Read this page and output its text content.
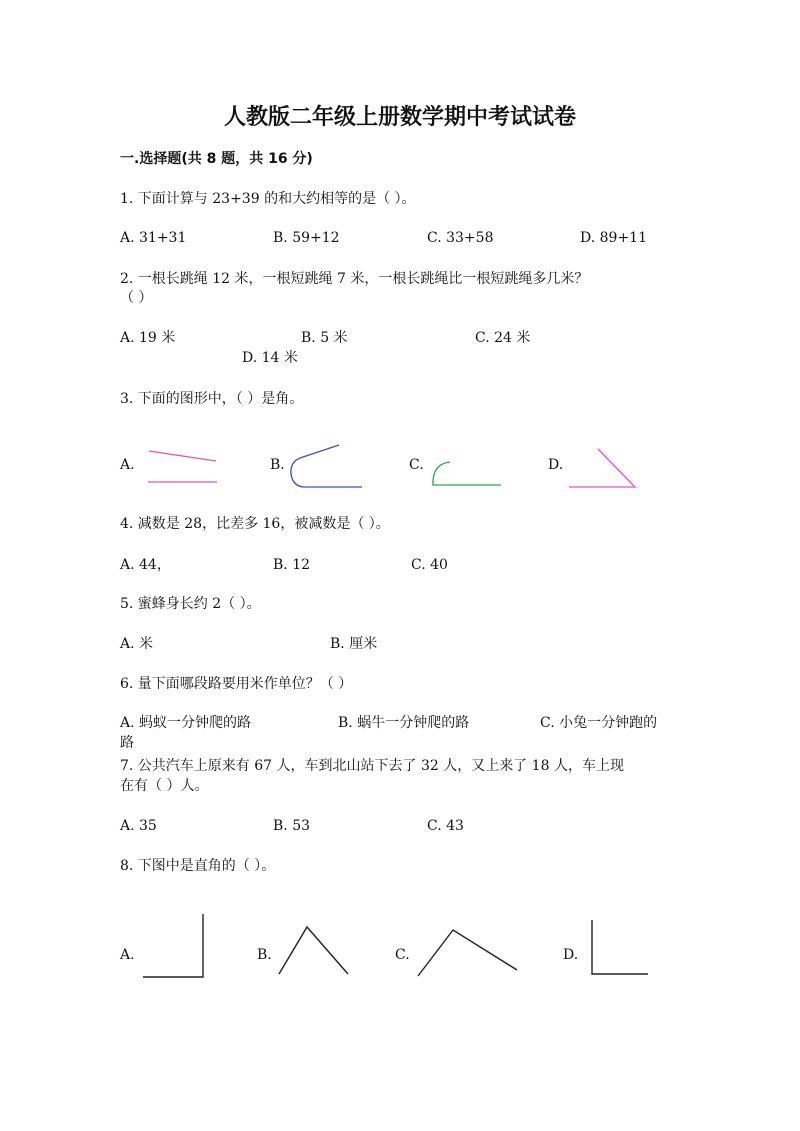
人教版二年级上册数学期中考试试卷
一.选择题(共 8 题，共 16 分)
1. 下面计算与 23+39 的和大约相等的是（ ）。
A. 31+31	B. 59+12	C. 33+58	D. 89+11
2. 一根长跳绳 12 米，一根短跳绳 7 米，一根长跳绳比一根短跳绳多几米？
（ ）
A. 19 米	B. 5 米	C. 24 米
D. 14 米
3. 下面的图形中，（ ）是角。
A.	B.	C.	D.
4. 减数是 28，比差多 16，被减数是（ ）。
A. 44，	B. 12	C. 40
5. 蜜蜂身长约 2（ ）。
A. 米	B. 厘米
6. 量下面哪段路要用米作单位？（ ）
A. 蚂蚁一分钟爬的路	B. 蜗牛一分钟爬的路	C. 小兔一分钟跑的
路
7. 公共汽车上原来有 67 人，车到北山站下去了 32 人，又上来了 18 人，车上现
在有（ ）人。
A. 35	B. 53	C. 43
8. 下图中是直角的（ ）。
A.	B.	C.	D.
